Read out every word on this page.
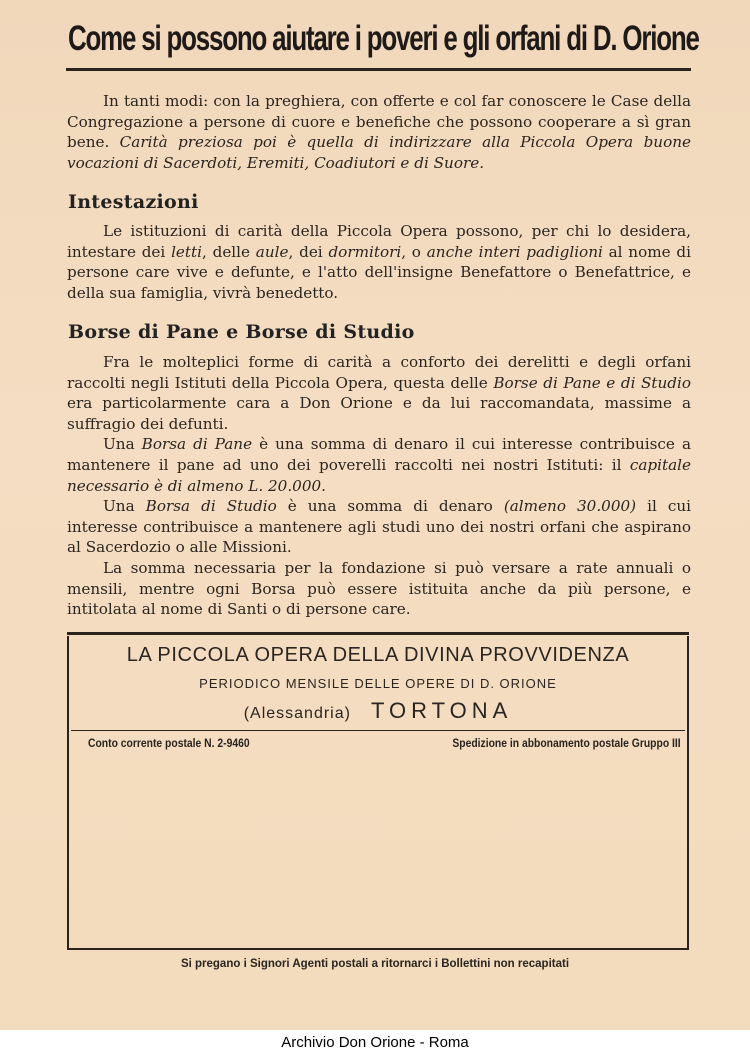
Come si possono aiutare i poveri e gli orfani di D. Orione

In tanti modi: con la preghiera, con offerte e col far conoscere le Case della Congregazione a persone di cuore e benefiche che possono cooperare a sì gran bene. Carità preziosa poi è quella di indirizzare alla Piccola Opera buone vocazioni di Sacerdoti, Eremiti, Coadiutori e di Suore.

Intestazioni

Le istituzioni di carità della Piccola Opera possono, per chi lo desidera, intestare dei letti, delle aule, dei dormitori, o anche interi padiglioni al nome di persone care vive e defunte, e l'atto dell'insigne Benefattore o Benefattrice, e della sua famiglia, vivrà benedetto.

Borse di Pane e Borse di Studio

Fra le molteplici forme di carità a conforto dei derelitti e degli orfani raccolti negli Istituti della Piccola Opera, questa delle Borse di Pane e di Studio era particolarmente cara a Don Orione e da lui raccomandata, massime a suffragio dei defunti.

Una Borsa di Pane è una somma di denaro il cui interesse contribuisce a mantenere il pane ad uno dei poverelli raccolti nei nostri Istituti: il capitale necessario è di almeno L. 20.000.

Una Borsa di Studio è una somma di denaro (almeno 30.000) il cui interesse contribuisce a mantenere agli studi uno dei nostri orfani che aspirano al Sacerdozio o alle Missioni.

La somma necessaria per la fondazione si può versare a rate annuali o mensili, mentre ogni Borsa può essere istituita anche da più persone, e intitolata al nome di Santi o di persone care.

LA PICCOLA OPERA DELLA DIVINA PROVVIDENZA
PERIODICO MENSILE DELLE OPERE DI D. ORIONE
(Alessandria) TORTONA
Conto corrente postale N. 2-9460	Spedizione in abbonamento postale Gruppo III
Si pregano i Signori Agenti postali a ritornarci i Bollettini non recapitati
Archivio Don Orione - Roma
